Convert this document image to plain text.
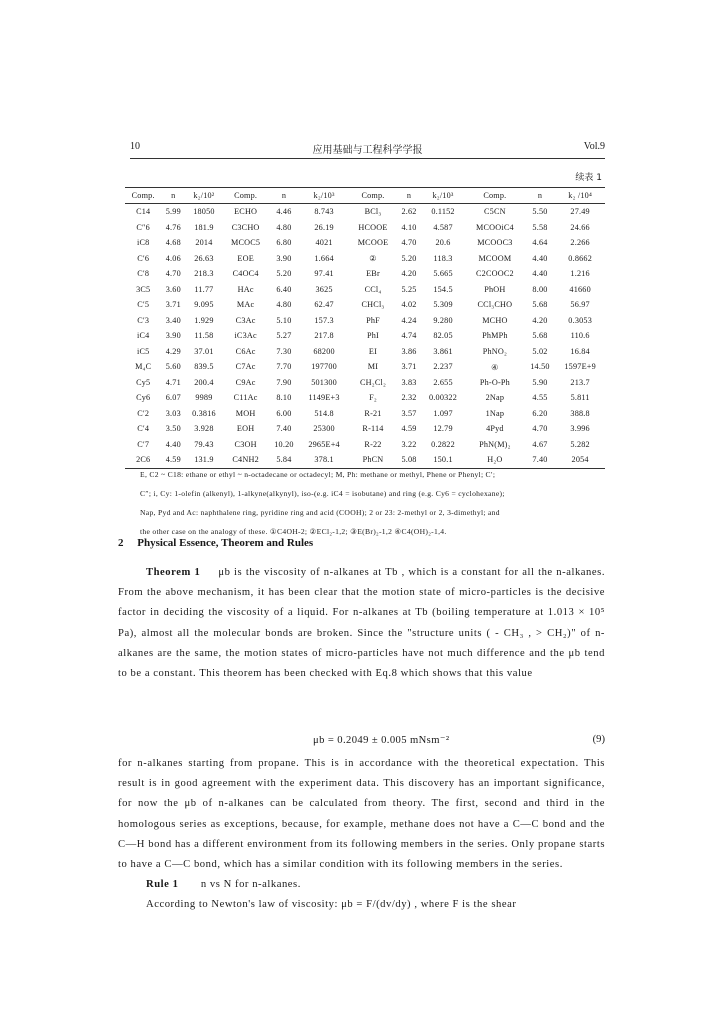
10	应用基础与工程科学学报	Vol.9
续表 1
Comp.	n	k₂/10²	Comp.	n	k₂/10³	Comp.	n	k₂/10³	Comp.	n	k₂ /10⁴
C14	5.99	18050	ECHO	4.46	8.743	BCl₃	2.62	0.1152	C5CN	5.50	27.49
C″6	4.76	181.9	C3CHO	4.80	26.19	HCOOE	4.10	4.587	MCOOiC4	5.58	24.66
iC8	4.68	2014	MCOC5	6.80	4021	MCOOE	4.70	20.6	MCOOC3	4.64	2.266
C′6	4.06	26.63	EOE	3.90	1.664	②	5.20	118.3	MCOOM	4.40	0.8662
C′8	4.70	218.3	C4OC4	5.20	97.41	EBr	4.20	5.665	C2COOC2	4.40	1.216
3C5	3.60	11.77	HAc	6.40	3625	CCl₄	5.25	154.5	PhOH	8.00	41660
C′5	3.71	9.095	MAc	4.80	62.47	CHCl₃	4.02	5.309	CCl₃CHO	5.68	56.97
C′3	3.40	1.929	C3Ac	5.10	157.3	PhF	4.24	9.280	MCHO	4.20	0.3053
iC4	3.90	11.58	iC3Ac	5.27	217.8	PhI	4.74	82.05	PhMPh	5.68	110.6
iC5	4.29	37.01	C6Ac	7.30	68200	EI	3.86	3.861	PhNO₂	5.02	16.84
M₄C	5.60	839.5	C7Ac	7.70	197700	MI	3.71	2.237	④	14.50	1597E+9
Cy5	4.71	200.4	C9Ac	7.90	501300	CH₂Cl₂	3.83	2.655	Ph-O-Ph	5.90	213.7
Cy6	6.07	9989	C11Ac	8.10	1149E+3	F₂	2.32	0.00322	2Nap	4.55	5.811
C′2	3.03	0.3816	MOH	6.00	514.8	R-21	3.57	1.097	1Nap	6.20	388.8
C′4	3.50	3.928	EOH	7.40	25300	R-114	4.59	12.79	4Pyd	4.70	3.996
C′7	4.40	79.43	C3OH	10.20	2965E+4	R-22	3.22	0.2822	PhN(M)₂	4.67	5.282
2C6	4.59	131.9	C4NH2	5.84	378.1	PhCN	5.08	150.1	H₂O	7.40	2054

E, C2 ~ C18: ethane or ethyl ~ n-octadecane or octadecyl; M, Ph: methane or methyl, Phene or Phenyl; C′;

C″; i, Cy: 1-olefin (alkenyl), 1-alkyne(alkynyl), iso-(e.g. iC4 = isobutane) and ring (e.g. Cy6 = cyclohexane);

Nap, Pyd and Ac: naphthalene ring, pyridine ring and acid (COOH); 2 or 23: 2-methyl or 2, 3-dimethyl; and

the other case on the analogy of these. ①C4OH-2; ②ECl₂-1,2; ③E(Br)₂-1,2 ④C4(OH)₂-1,4.

2 Physical Essence, Theorem and Rules

Theorem 1 μb is the viscosity of n-alkanes at Tb , which is a constant for all the n-alkanes. From the above mechanism, it has been clear that the motion state of micro-particles is the decisive factor in deciding the viscosity of a liquid. For n-alkanes at Tb (boiling temperature at 1.013 × 10⁵ Pa), almost all the molecular bonds are broken. Since the "structure units ( - CH₃ , > CH₂)" of n-alkanes are the same, the motion states of micro-particles have not much difference and the μb tend to be a constant. This theorem has been checked with Eq.8 which shows that this value

μb = 0.2049 ± 0.005 mNsm⁻²	(9)

for n-alkanes starting from propane. This is in accordance with the theoretical expectation. This result is in good agreement with the experiment data. This discovery has an important significance, for now the μb of n-alkanes can be calculated from theory. The first, second and third in the homologous series as exceptions, because, for example, methane does not have a C—C bond and the C—H bond has a different environment from its following members in the series. Only propane starts to have a C—C bond, which has a similar condition with its following members in the series.

Rule 1 n vs N for n-alkanes.

According to Newton's law of viscosity: μb = F/(dv/dy) , where F is the shear
